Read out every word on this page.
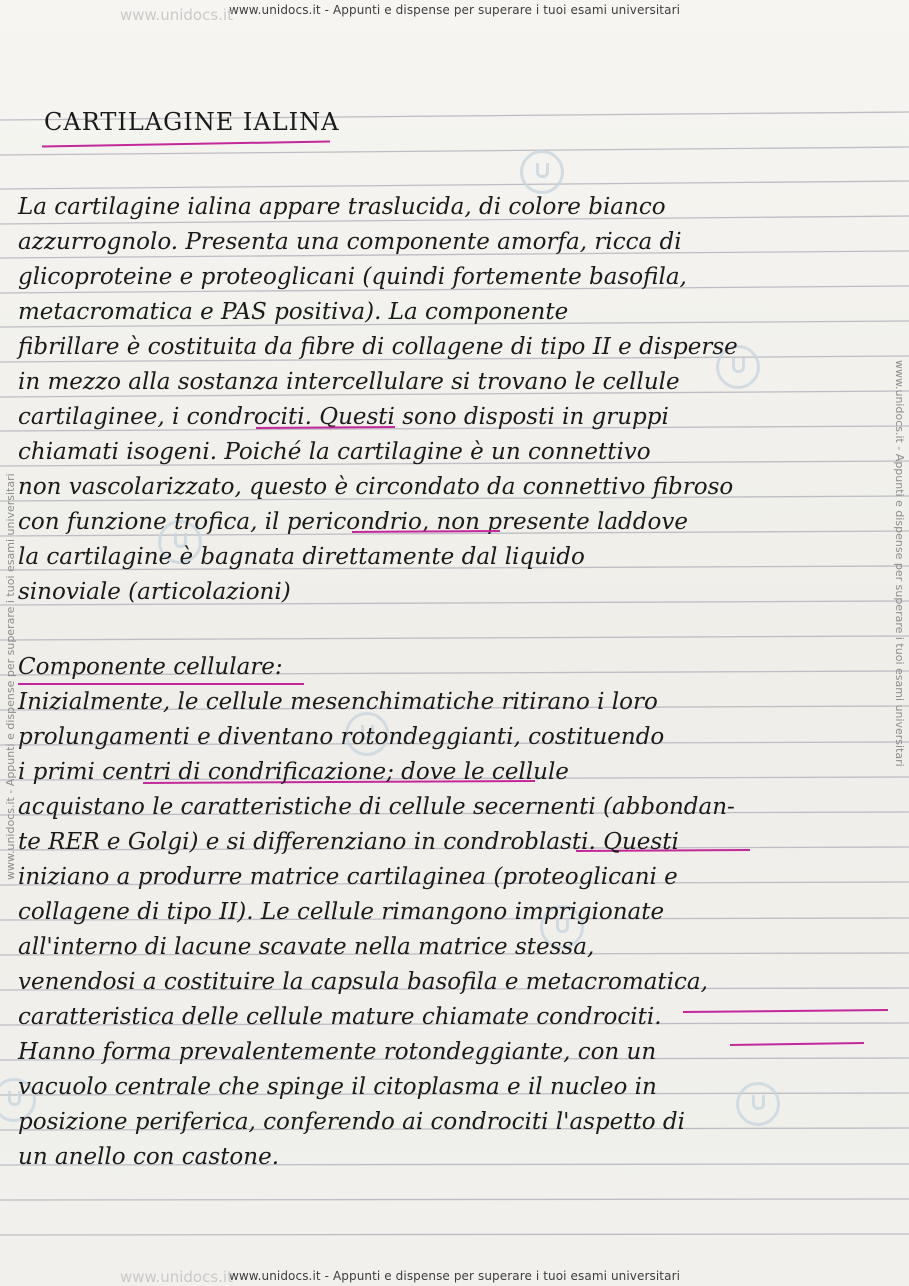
www.unidocs.it - Appunti e dispense per superare i tuoi esami universitari
www.unidocs.it - Appunti e dispense per superare i tuoi esami universitari
www.unidocs.it - Appunti e dispense per superare i tuoi esami universitari	www.unidocs.it - Appunti e dispense per superare i tuoi esami universitari
www.unidocs.it
www.unidocs.it
CARTILAGINE IALINA
La cartilagine ialina appare traslucida, di colore bianco
azzurrognolo. Presenta una componente amorfa, ricca di
glicoproteine e proteoglicani (quindi fortemente basofila,
metacromatica e PAS positiva). La componente
fibrillare è costituita da fibre di collagene di tipo II e disperse
in mezzo alla sostanza intercellulare si trovano le cellule
cartilaginee, i condrociti. Questi sono disposti in gruppi
chiamati isogeni. Poiché la cartilagine è un connettivo
non vascolarizzato, questo è circondato da connettivo fibroso
con funzione trofica, il pericondrio, non presente laddove
la cartilagine è bagnata direttamente dal liquido
sinoviale (articolazioni)
Componente cellulare:
Inizialmente, le cellule mesenchimatiche ritirano i loro
prolungamenti e diventano rotondeggianti, costituendo
i primi centri di condrificazione; dove le cellule
acquistano le caratteristiche di cellule secernenti (abbondan-
te RER e Golgi) e si differenziano in condroblasti. Questi
iniziano a produrre matrice cartilaginea (proteoglicani e
collagene di tipo II). Le cellule rimangono imprigionate
all'interno di lacune scavate nella matrice stessa,
venendosi a costituire la capsula basofila e metacromatica,
caratteristica delle cellule mature chiamate condrociti.
Hanno forma prevalentemente rotondeggiante, con un
vacuolo centrale che spinge il citoplasma e il nucleo in
posizione periferica, conferendo ai condrociti l'aspetto di
un anello con castone.
